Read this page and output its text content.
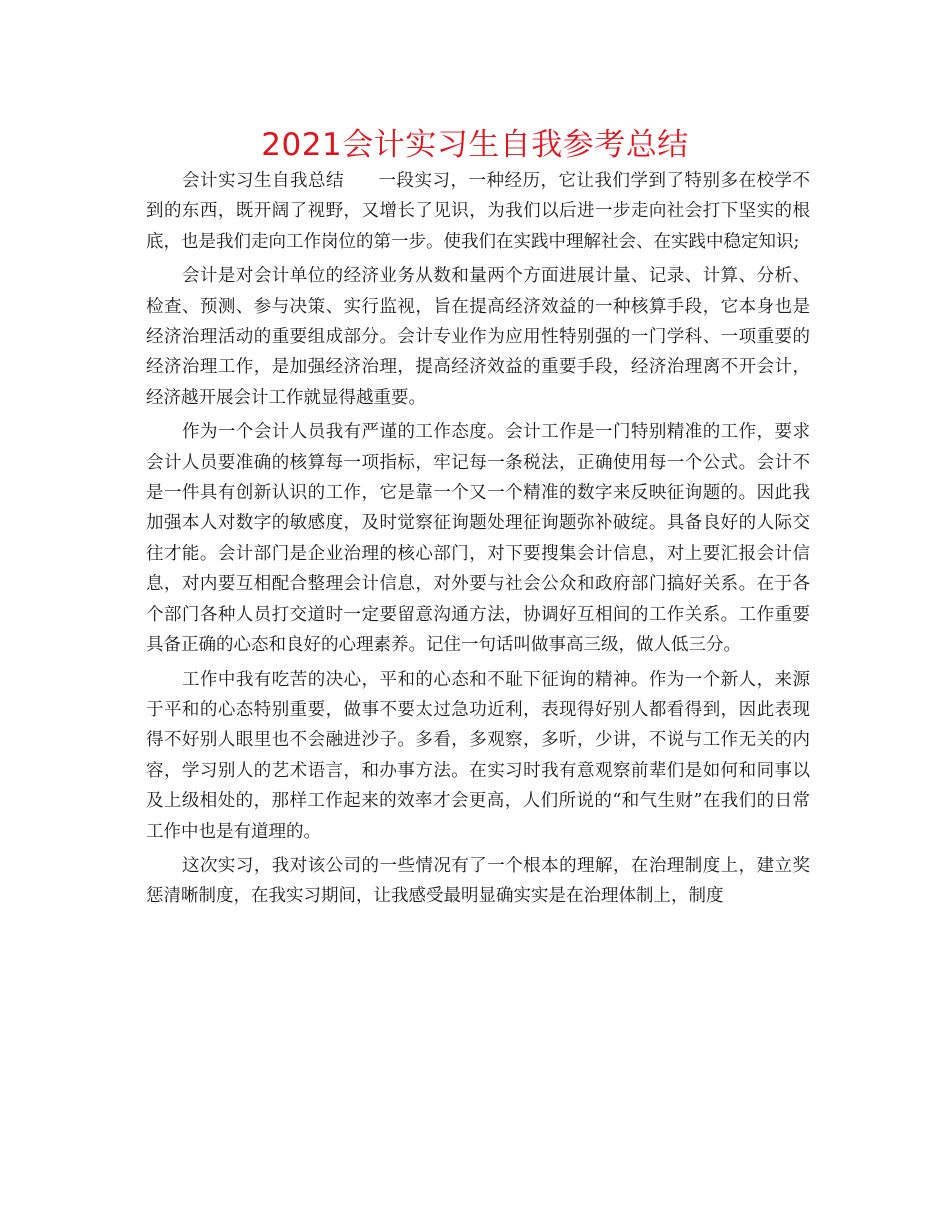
2021会计实习生自我参考总结

会计实习生自我总结 一段实习，一种经历，它让我们学到了特别多在校学不到的东西，既开阔了视野，又增长了见识，为我们以后进一步走向社会打下坚实的根底，也是我们走向工作岗位的第一步。使我们在实践中理解社会、在实践中稳定知识;

会计是对会计单位的经济业务从数和量两个方面进展计量、记录、计算、分析、检查、预测、参与决策、实行监视，旨在提高经济效益的一种核算手段，它本身也是经济治理活动的重要组成部分。会计专业作为应用性特别强的一门学科、一项重要的经济治理工作，是加强经济治理，提高经济效益的重要手段，经济治理离不开会计，经济越开展会计工作就显得越重要。

作为一个会计人员我有严谨的工作态度。会计工作是一门特别精准的工作，要求会计人员要准确的核算每一项指标，牢记每一条税法，正确使用每一个公式。会计不是一件具有创新认识的工作，它是靠一个又一个精准的数字来反映征询题的。因此我加强本人对数字的敏感度，及时觉察征询题处理征询题弥补破绽。具备良好的人际交往才能。会计部门是企业治理的核心部门，对下要搜集会计信息，对上要汇报会计信息，对内要互相配合整理会计信息，对外要与社会公众和政府部门搞好关系。在于各个部门各种人员打交道时一定要留意沟通方法，协调好互相间的工作关系。工作重要具备正确的心态和良好的心理素养。记住一句话叫做事高三级，做人低三分。

工作中我有吃苦的决心，平和的心态和不耻下征询的精神。作为一个新人，来源于平和的心态特别重要，做事不要太过急功近利，表现得好别人都看得到，因此表现得不好别人眼里也不会融进沙子。多看，多观察，多听，少讲，不说与工作无关的内容，学习别人的艺术语言，和办事方法。在实习时我有意观察前辈们是如何和同事以及上级相处的，那样工作起来的效率才会更高，人们所说的“和气生财”在我们的日常工作中也是有道理的。

这次实习，我对该公司的一些情况有了一个根本的理解，在治理制度上，建立奖惩清晰制度，在我实习期间，让我感受最明显确实实是在治理体制上，制度
